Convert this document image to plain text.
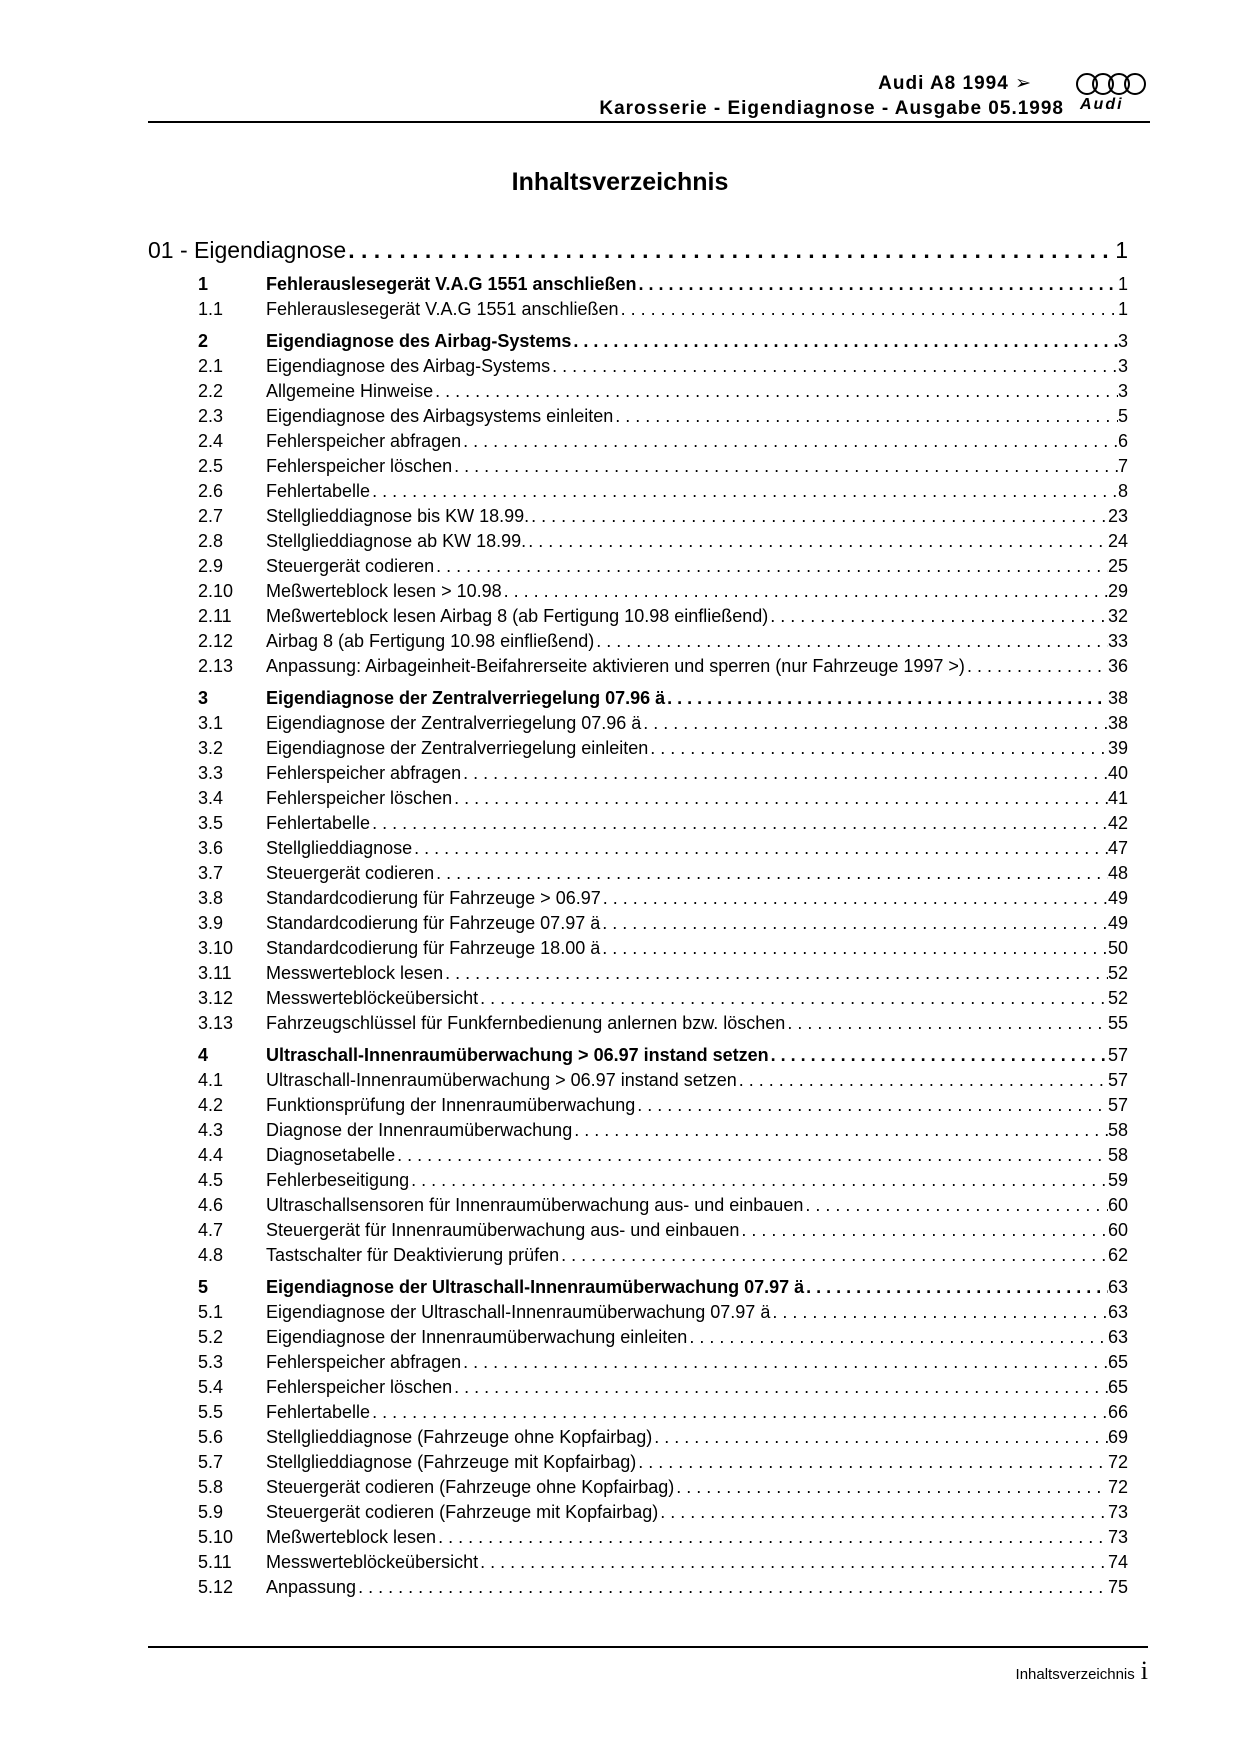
Audi A8 1994 ➢
Karosserie - Eigendiagnose - Ausgabe 05.1998 Audi
Inhaltsverzeichnis
01 - Eigendiagnose . . .	1
1	Fehlerauslesegerät V.A.G 1551 anschließen . . .	1
1.1	Fehlerauslesegerät V.A.G 1551 anschließen . . .	1
2	Eigendiagnose des Airbag-Systems . . .	3
2.1	Eigendiagnose des Airbag-Systems . . .	3
2.2	Allgemeine Hinweise . . .	3
2.3	Eigendiagnose des Airbagsystems einleiten . . .	5
2.4	Fehlerspeicher abfragen . . .	6
2.5	Fehlerspeicher löschen . . .	7
2.6	Fehlertabelle . . .	8
2.7	Stellglieddiagnose bis KW 18.99. . . .	23
2.8	Stellglieddiagnose ab KW 18.99. . . .	24
2.9	Steuergerät codieren . . .	25
2.10	Meßwerteblock lesen > 10.98 . . .	29
2.11	Meßwerteblock lesen Airbag 8 (ab Fertigung 10.98 einfließend) . . .	32
2.12	Airbag 8 (ab Fertigung 10.98 einfließend) . . .	33
2.13	Anpassung: Airbageinheit-Beifahrerseite aktivieren und sperren (nur Fahrzeuge 1997 >) . . .	36
3	Eigendiagnose der Zentralverriegelung 07.96 ä . . .	38
3.1	Eigendiagnose der Zentralverriegelung 07.96 ä . . .	38
3.2	Eigendiagnose der Zentralverriegelung einleiten . . .	39
3.3	Fehlerspeicher abfragen . . .	40
3.4	Fehlerspeicher löschen . . .	41
3.5	Fehlertabelle . . .	42
3.6	Stellglieddiagnose . . .	47
3.7	Steuergerät codieren . . .	48
3.8	Standardcodierung für Fahrzeuge > 06.97 . . .	49
3.9	Standardcodierung für Fahrzeuge 07.97 ä . . .	49
3.10	Standardcodierung für Fahrzeuge 18.00 ä . . .	50
3.11	Messwerteblock lesen . . .	52
3.12	Messwerteblöckeübersicht . . .	52
3.13	Fahrzeugschlüssel für Funkfernbedienung anlernen bzw. löschen . . .	55
4	Ultraschall-Innenraumüberwachung > 06.97 instand setzen . . .	57
4.1	Ultraschall-Innenraumüberwachung > 06.97 instand setzen . . .	57
4.2	Funktionsprüfung der Innenraumüberwachung . . .	57
4.3	Diagnose der Innenraumüberwachung . . .	58
4.4	Diagnosetabelle . . .	58
4.5	Fehlerbeseitigung . . .	59
4.6	Ultraschallsensoren für Innenraumüberwachung aus- und einbauen . . .	60
4.7	Steuergerät für Innenraumüberwachung aus- und einbauen . . .	60
4.8	Tastschalter für Deaktivierung prüfen . . .	62
5	Eigendiagnose der Ultraschall-Innenraumüberwachung 07.97 ä . . .	63
5.1	Eigendiagnose der Ultraschall-Innenraumüberwachung 07.97 ä . . .	63
5.2	Eigendiagnose der Innenraumüberwachung einleiten . . .	63
5.3	Fehlerspeicher abfragen . . .	65
5.4	Fehlerspeicher löschen . . .	65
5.5	Fehlertabelle . . .	66
5.6	Stellglieddiagnose (Fahrzeuge ohne Kopfairbag) . . .	69
5.7	Stellglieddiagnose (Fahrzeuge mit Kopfairbag) . . .	72
5.8	Steuergerät codieren (Fahrzeuge ohne Kopfairbag) . . .	72
5.9	Steuergerät codieren (Fahrzeuge mit Kopfairbag) . . .	73
5.10	Meßwerteblock lesen . . .	73
5.11	Messwerteblöckeübersicht . . .	74
5.12	Anpassung . . .	75
Inhaltsverzeichnis i
